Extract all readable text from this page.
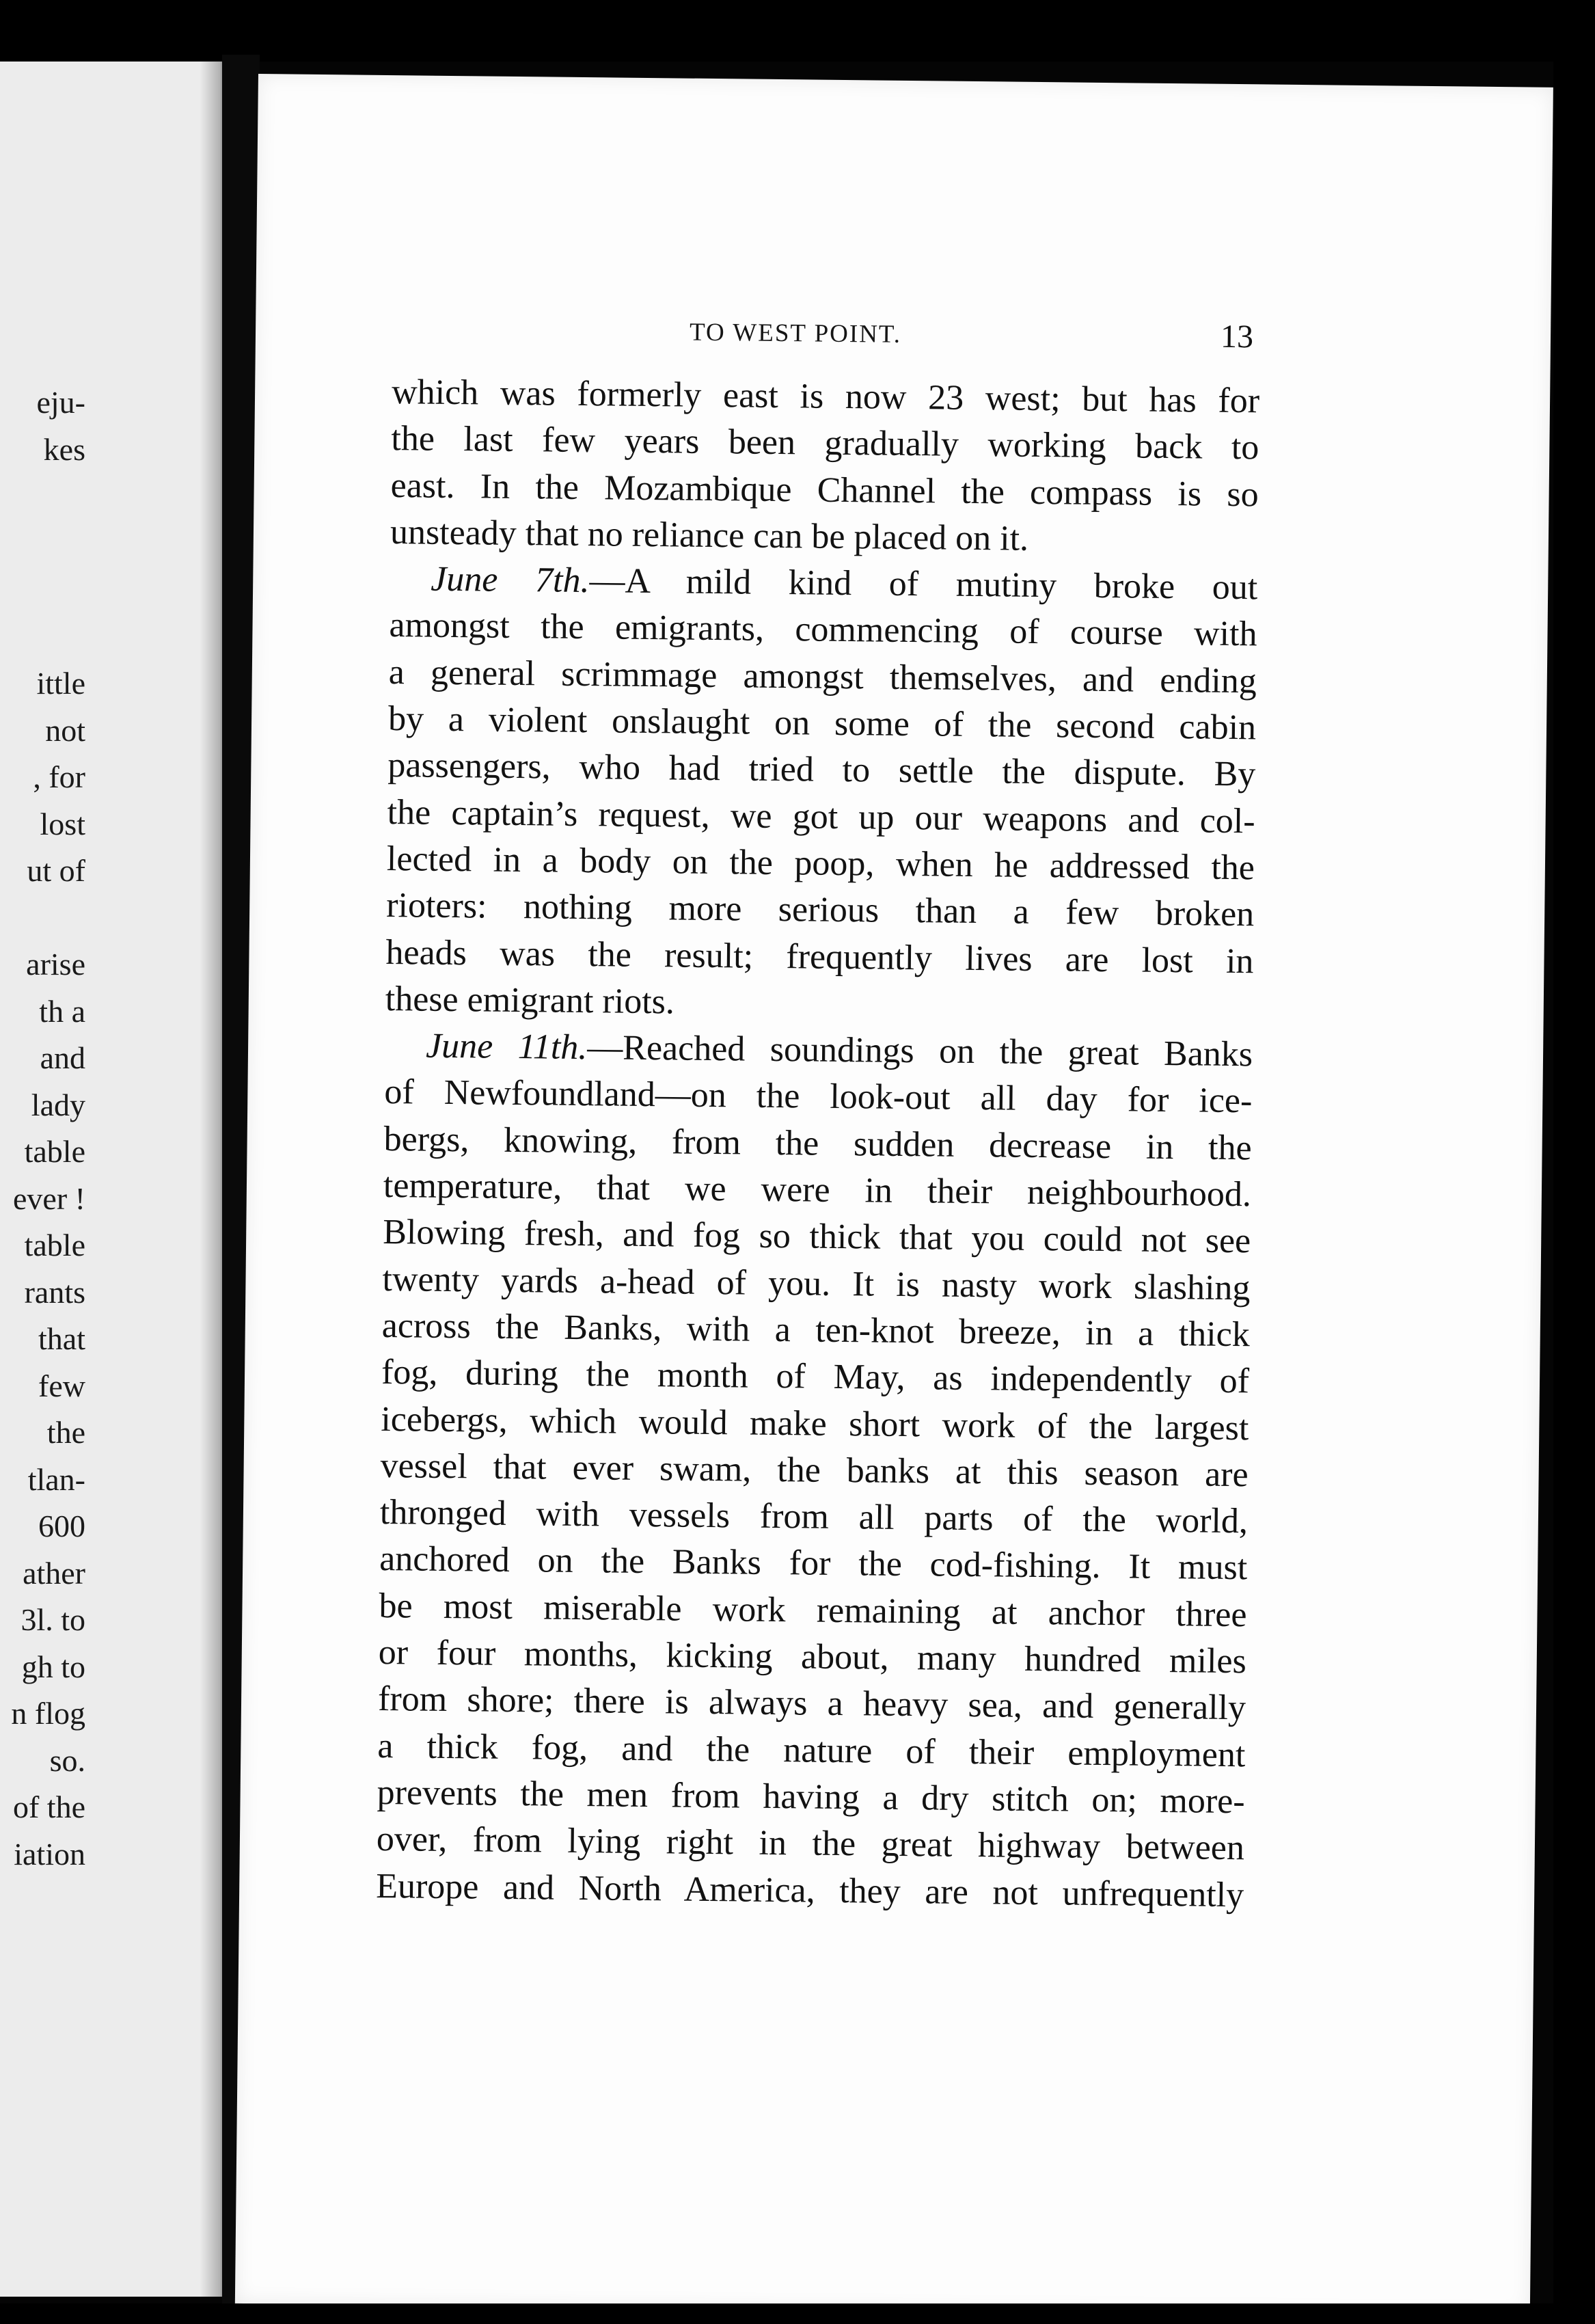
eju-
kes
ittle
not
, for
lost
ut of
arise
th a
and
lady
table
ever !
table
rants
that
few
the
tlan-
600
ather
3l. to
gh to
n flog
so.
of the
iation
TO WEST POINT.	13
which was formerly east is now 23 west; but has for
the last few years been gradually working back to
east. In the Mozambique Channel the compass is so
unsteady that no reliance can be placed on it.
June 7th.—A mild kind of mutiny broke out
amongst the emigrants, commencing of course with
a general scrimmage amongst themselves, and ending
by a violent onslaught on some of the second cabin
passengers, who had tried to settle the dispute. By
the captain’s request, we got up our weapons and col-
lected in a body on the poop, when he addressed the
rioters: nothing more serious than a few broken
heads was the result; frequently lives are lost in
these emigrant riots.
June 11th.—Reached soundings on the great Banks
of Newfoundland—on the look-out all day for ice-
bergs, knowing, from the sudden decrease in the
temperature, that we were in their neighbourhood.
Blowing fresh, and fog so thick that you could not see
twenty yards a-head of you. It is nasty work slashing
across the Banks, with a ten-knot breeze, in a thick
fog, during the month of May, as independently of
icebergs, which would make short work of the largest
vessel that ever swam, the banks at this season are
thronged with vessels from all parts of the world,
anchored on the Banks for the cod-fishing. It must
be most miserable work remaining at anchor three
or four months, kicking about, many hundred miles
from shore; there is always a heavy sea, and generally
a thick fog, and the nature of their employment
prevents the men from having a dry stitch on; more-
over, from lying right in the great highway between
Europe and North America, they are not unfrequently
